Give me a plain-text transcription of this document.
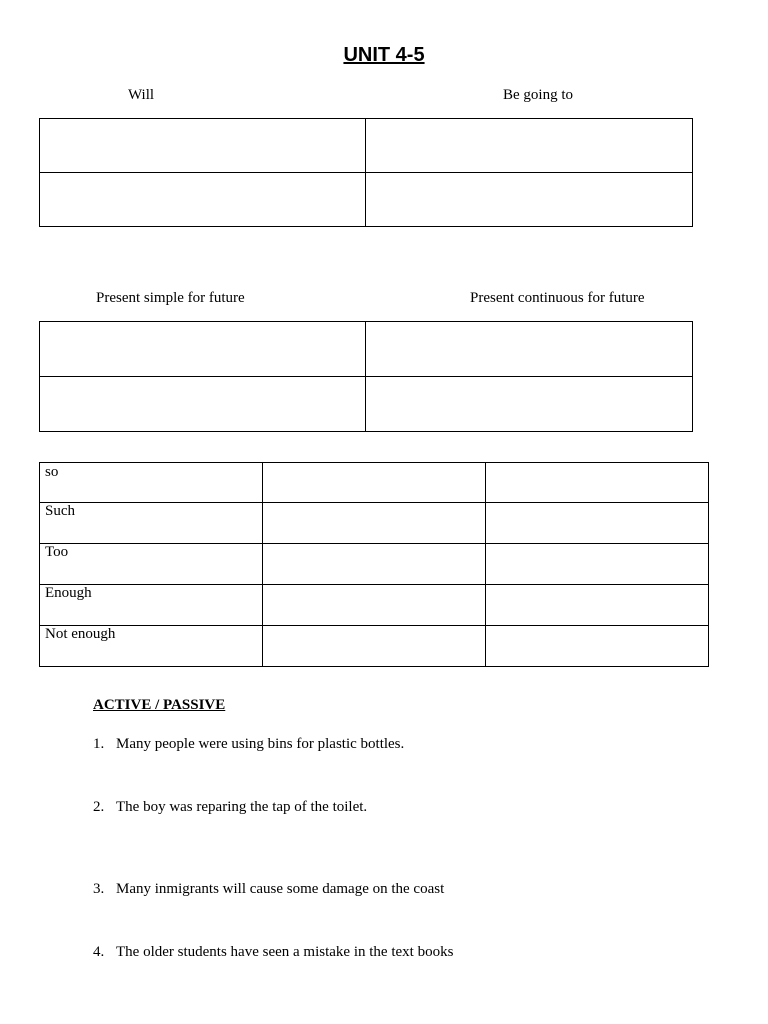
UNIT 4-5
Will	Be going to

Present simple for future	Present continuous for future

so		

Such		

Too		

Enough		

Not enough		

ACTIVE / PASSIVE
1. Many people were using bins for plastic bottles.
2. The boy was reparing the tap of the toilet.
3. Many inmigrants will cause some damage on the coast
4. The older students have seen a mistake in the text books
